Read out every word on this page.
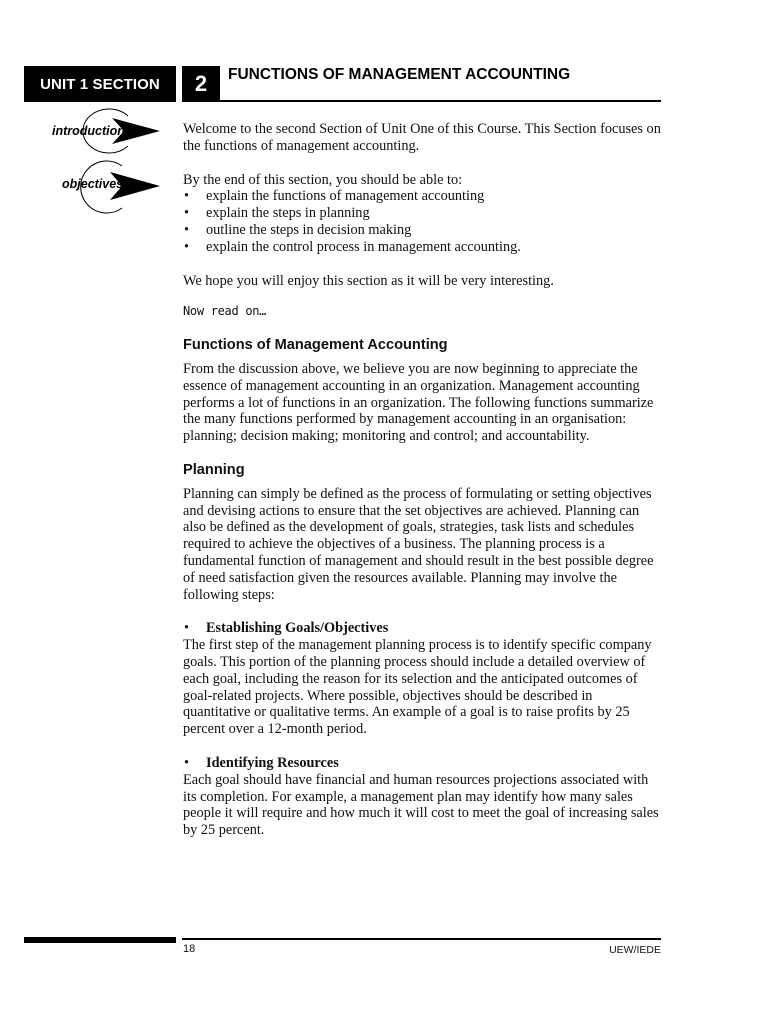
UNIT 1 SECTION	2	FUNCTIONS OF MANAGEMENT ACCOUNTING
introduction
objectives

Welcome to the second Section of Unit One of this Course. This Section focuses on the functions of management accounting.

By the end of this section, you should be able to:

• explain the functions of management accounting
• explain the steps in planning
• outline the steps in decision making
• explain the control process in management accounting.

We hope you will enjoy this section as it will be very interesting.

Now read on…

Functions of Management Accounting

From the discussion above, we believe you are now beginning to appreciate the essence of management accounting in an organization. Management accounting performs a lot of functions in an organization. The following functions summarize the many functions performed by management accounting in an organisation: planning; decision making; monitoring and control; and accountability.

Planning

Planning can simply be defined as the process of formulating or setting objectives and devising actions to ensure that the set objectives are achieved. Planning can also be defined as the development of goals, strategies, task lists and schedules required to achieve the objectives of a business. The planning process is a fundamental function of management and should result in the best possible degree of need satisfaction given the resources available. Planning may involve the following steps:

• Establishing Goals/Objectives

The first step of the management planning process is to identify specific company goals. This portion of the planning process should include a detailed overview of each goal, including the reason for its selection and the anticipated outcomes of goal-related projects. Where possible, objectives should be described in quantitative or qualitative terms. An example of a goal is to raise profits by 25 percent over a 12-month period.

• Identifying Resources

Each goal should have financial and human resources projections associated with its completion. For example, a management plan may identify how many sales people it will require and how much it will cost to meet the goal of increasing sales by 25 percent.

18	UEW/IEDE
